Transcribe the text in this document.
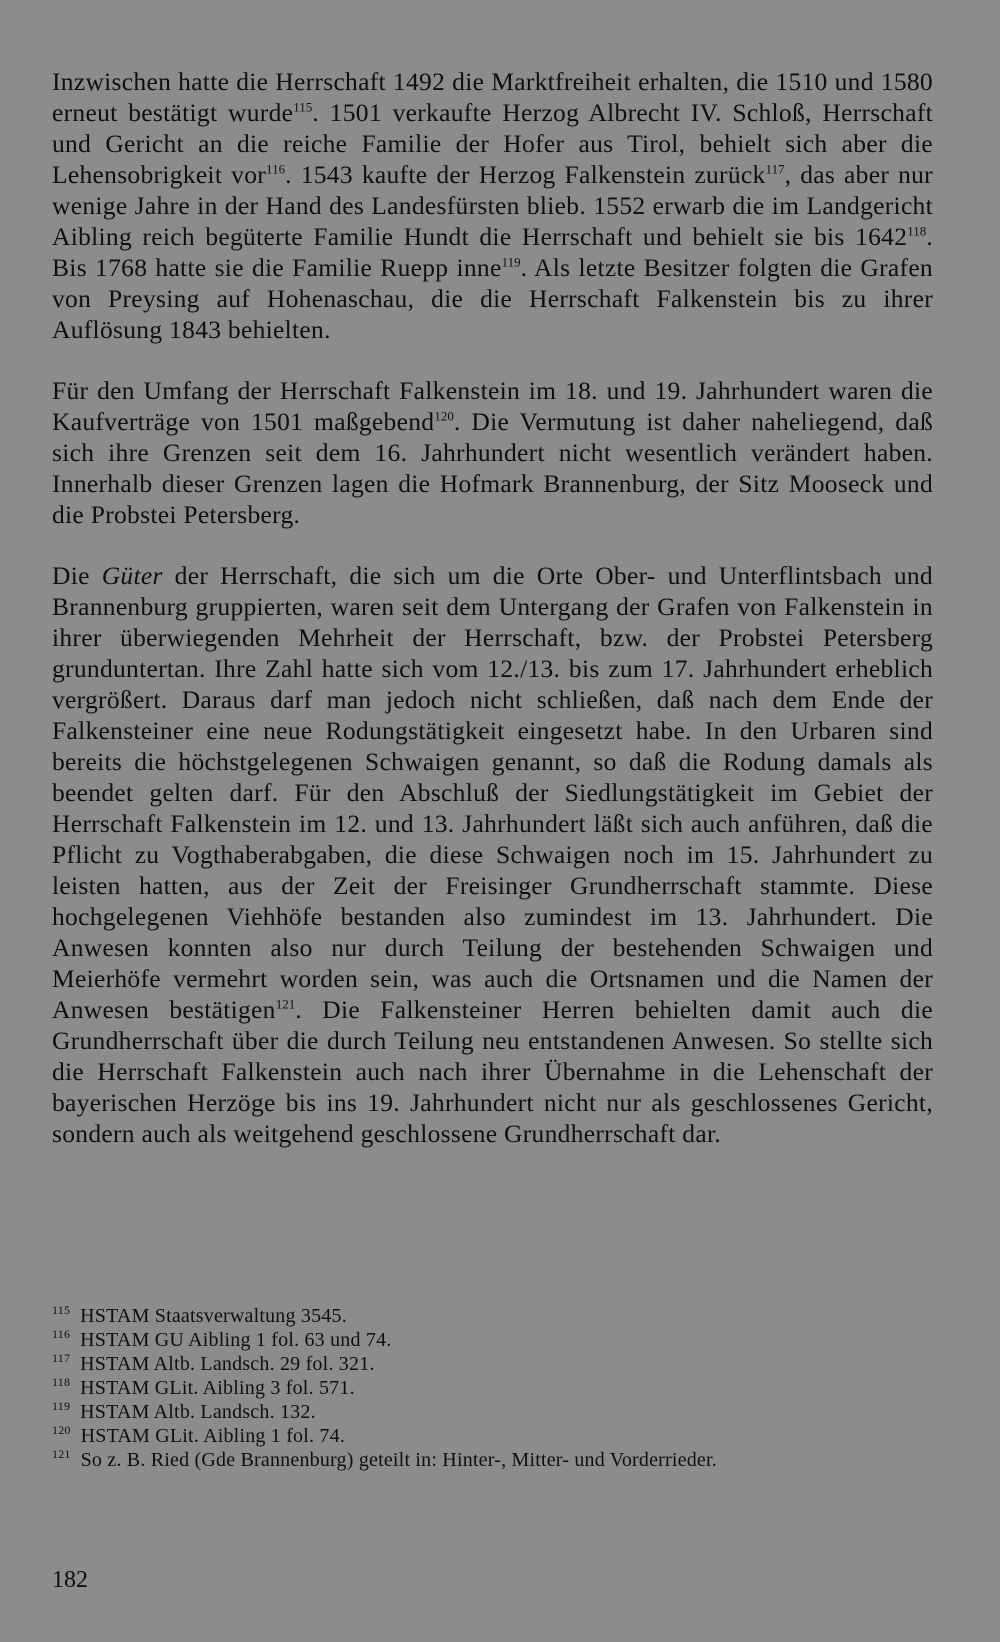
Inzwischen hatte die Herrschaft 1492 die Marktfreiheit erhalten, die 1510 und 1580 erneut bestätigt wurde$^{115}$. 1501 verkaufte Herzog Albrecht IV. Schloß, Herrschaft und Gericht an die reiche Familie der Hofer aus Tirol, behielt sich aber die Lehensobrigkeit vor$^{116}$. 1543 kaufte der Herzog Falkenstein zurück$^{117}$, das aber nur wenige Jahre in der Hand des Landesfürsten blieb. 1552 erwarb die im Landgericht Aibling reich begüterte Familie Hundt die Herrschaft und behielt sie bis 1642$^{118}$. Bis 1768 hatte sie die Familie Ruepp inne$^{119}$. Als letzte Besitzer folgten die Grafen von Preysing auf Hohenaschau, die die Herrschaft Falkenstein bis zu ihrer Auflösung 1843 behielten.

Für den Umfang der Herrschaft Falkenstein im 18. und 19. Jahrhundert waren die Kaufverträge von 1501 maßgebend$^{120}$. Die Vermutung ist daher naheliegend, daß sich ihre Grenzen seit dem 16. Jahrhundert nicht wesentlich verändert haben. Innerhalb dieser Grenzen lagen die Hofmark Brannenburg, der Sitz Mooseck und die Probstei Petersberg.

Die Güter der Herrschaft, die sich um die Orte Ober- und Unterflintsbach und Brannenburg gruppierten, waren seit dem Untergang der Grafen von Falkenstein in ihrer überwiegenden Mehrheit der Herrschaft, bzw. der Probstei Petersberg grunduntertan. Ihre Zahl hatte sich vom 12./13. bis zum 17. Jahrhundert erheblich vergrößert. Daraus darf man jedoch nicht schließen, daß nach dem Ende der Falkensteiner eine neue Rodungstätigkeit eingesetzt habe. In den Urbaren sind bereits die höchstgelegenen Schwaigen genannt, so daß die Rodung damals als beendet gelten darf. Für den Abschluß der Siedlungstätigkeit im Gebiet der Herrschaft Falkenstein im 12. und 13. Jahrhundert läßt sich auch anführen, daß die Pflicht zu Vogthaberabgaben, die diese Schwaigen noch im 15. Jahrhundert zu leisten hatten, aus der Zeit der Freisinger Grundherrschaft stammte. Diese hochgelegenen Viehhöfe bestanden also zumindest im 13. Jahrhundert. Die Anwesen konnten also nur durch Teilung der bestehenden Schwaigen und Meierhöfe vermehrt worden sein, was auch die Ortsnamen und die Namen der Anwesen bestätigen$^{121}$. Die Falkensteiner Herren behielten damit auch die Grundherrschaft über die durch Teilung neu entstandenen Anwesen. So stellte sich die Herrschaft Falkenstein auch nach ihrer Übernahme in die Lehenschaft der bayerischen Herzöge bis ins 19. Jahrhundert nicht nur als geschlossenes Gericht, sondern auch als weitgehend geschlossene Grundherrschaft dar.

$^{115}$ HSTAM Staatsverwaltung 3545.

$^{116}$ HSTAM GU Aibling 1 fol. 63 und 74.

$^{117}$ HSTAM Altb. Landsch. 29 fol. 321.

$^{118}$ HSTAM GLit. Aibling 3 fol. 571.

$^{119}$ HSTAM Altb. Landsch. 132.

$^{120}$ HSTAM GLit. Aibling 1 fol. 74.

$^{121}$ So z. B. Ried (Gde Brannenburg) geteilt in: Hinter-, Mitter- und Vorderrieder.

182
